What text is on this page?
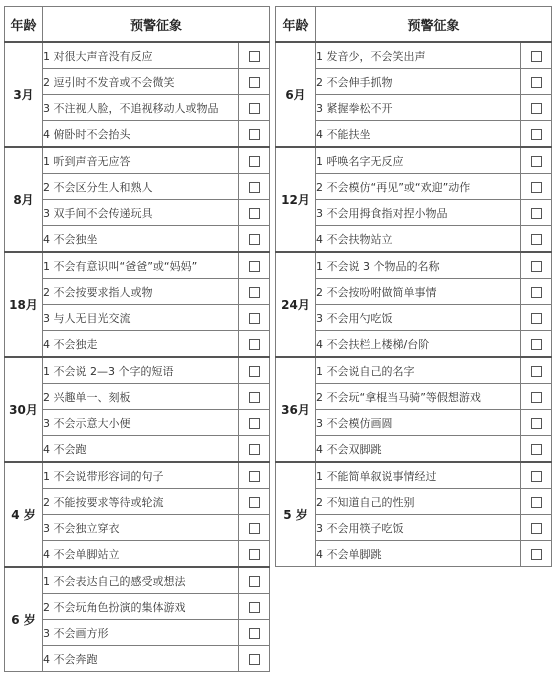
年龄	预警征象	
3月	1 对很大声音没有反应	
	2 逗引时不发音或不会微笑	
	3 不注视人脸，不追视移动人或物品	
	4 俯卧时不会抬头	
8月	1 听到声音无应答	
	2 不会区分生人和熟人	
	3 双手间不会传递玩具	
	4 不会独坐	
18月	1 不会有意识叫“爸爸”或“妈妈”	
	2 不会按要求指人或物	
	3 与人无目光交流	
	4 不会独走	
30月	1 不会说 2—3 个字的短语	
	2 兴趣单一、刻板	
	3 不会示意大小便	
	4 不会跑	
4 岁	1 不会说带形容词的句子	
	2 不能按要求等待或轮流	
	3 不会独立穿衣	
	4 不会单脚站立	
6 岁	1 不会表达自己的感受或想法	
	2 不会玩角色扮演的集体游戏	
	3 不会画方形	
	4 不会奔跑	
年龄	预警征象	
6月	1 发音少，不会笑出声	
	2 不会伸手抓物	
	3 紧握拳松不开	
	4 不能扶坐	
12月	1 呼唤名字无反应	
	2 不会模仿“再见”或“欢迎”动作	
	3 不会用拇食指对捏小物品	
	4 不会扶物站立	
24月	1 不会说 3 个物品的名称	
	2 不会按吩咐做简单事情	
	3 不会用勺吃饭	
	4 不会扶栏上楼梯/台阶	
36月	1 不会说自己的名字	
	2 不会玩“拿棍当马骑”等假想游戏	
	3 不会模仿画圆	
	4 不会双脚跳	
5 岁	1 不能简单叙说事情经过	
	2 不知道自己的性别	
	3 不会用筷子吃饭	
	4 不会单脚跳	
